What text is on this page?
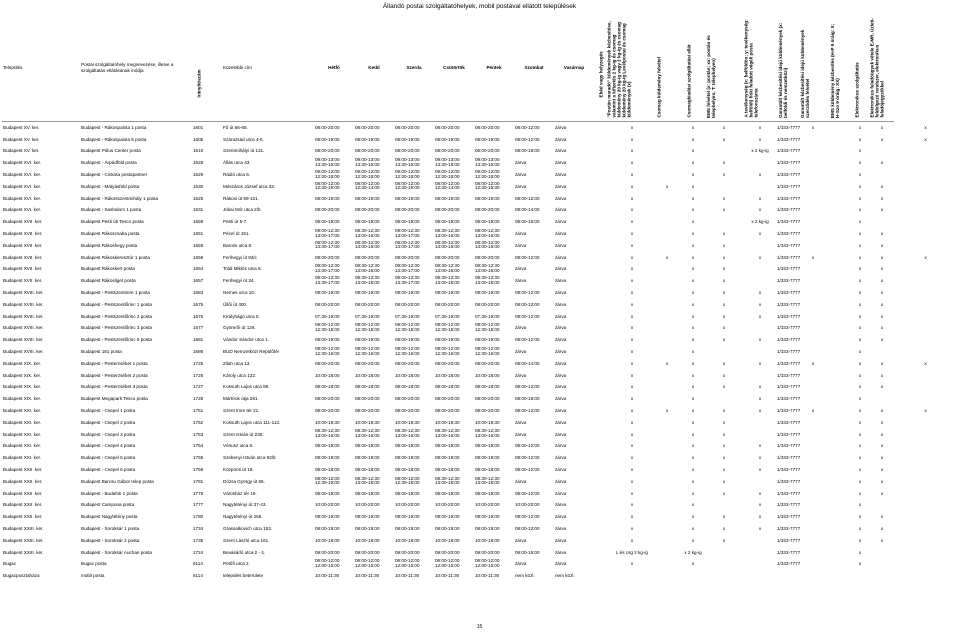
Állandó postai szolgáltatóhelyek, mobil postával ellátott települések
Település	Postai szolgáltatóhely megnevezése, illetve a szolgáltatás ellátásának módja	Irányítószám	Közelebbi cím	Hétfő	Kedd	Szerda	Csütörtök	Péntek	Szombat	Vasárnap	Ebéd vagy helyzegés	"Postán maradó" küldemények kézbesítése, valamint a kifizetés 2 kg-ig és csomag küldemény 20 kg-ig vagy 2 kg-ig és csomag küldemény 20 kg-ig Levélpostai és csomag küldemények (x)	Csomag küldemény felvétel	Csomagkiadási szolgáltatási ellát	EMS felvétel (x: pontán; xx: postán és telephelyen, T: telephelyen)	A tevékenység (x: belföldön; y: tevékenység: belföldi) fióki feladott végéli posta telefonszáma	Garantált kézbesítési idejű küldemények (x: belföldi és nemzetközi)	Garantált kézbesítési idejű küldemények szerződés felvétel	EMS küldemény kézbesítés (H-P 9 óráig: X; H-Szo 9 óráig: XX)	Elektronikus szolgáltatás	Elektronikus feladóügyek vétele E-MR, Üzleti- feldolgozó rendszer, elektronikus feladójegyzékkel	

Budapest XV. ker.	Budapest - Rákospalota 1 posta	1601	Fő út 66-68.	08:00-20:00	08:00-20:00	08:00-20:00	08:00-20:00	08:00-20:00	08:00-12:00	zárva		x		x	x	x	1/333-7777	x		x	x	x
Budapest XV. ker.	Budapest - Rákospalota 5 posta	1605	Szárazsád utca 4-6.	08:00-19:00	08:00-19:00	08:00-19:00	08:00-19:00	08:00-19:00	08:00-12:00	zárva		x		x	x	x	1/333-7777			x	x	x
Budapest XV. ker.	Budapest Pólus Center posta	1610	Szentmihályi út 131.	08:00-20:00	08:00-20:00	08:00-20:00	08:00-20:00	06:00-20:00	08:00-18:00	zárva		x		x		x 2 kg-ig	1/333-7777			x		
Budapest XVI. ker.	Budapest - Árpádföld posta	1628	Állás utca 43.	09:00-13:00
13:30-16:00	09:00-13:00
13:30-16:00	09:00-13:00
13:30-16:00	09:00-13:00
13:30-18:00	09:00-13:00
13:30-16:00	zárva	zárva		x		x	x		1/333-7777			x	x	
Budapest XVI. ker.	Budapest - Cinkota postapartner	1629	Rádió utca 6.	09:00-12:00
12:30-18:00	09:00-12:00
12:30-18:00	09:00-12:00
12:30-18:00	09:00-12:00
12:30-18:00	09:00-12:00
12:30-18:00	zárva	zárva		x		x	x	x	1/333-7777			x		
Budapest XVI. ker.	Budapest - Mátyásföld posta	1630	Mészáros József utca 33.	08:00-12:00
12:30-19:00	08:00-12:00
12:30-14:00	08:00-12:00
12:30-19:00	08:00-12:00
12:30-14:00	08:00-12:00
12:30-15:30	zárva	zárva		x	x	x			1/333-7777			x	x	
Budapest XVI. ker.	Budapest - Rákosszentmihály 1 posta	1625	Rákosi út 99-101.	08:00-19:00	08:00-19:00	08:00-19:00	08:00-19:00	08:00-19:00	08:00-12:00	zárva		x		x	x	x	1/333-7777			x	x	
Budapest XVI. ker.	Budapest - Sashalom 1 posta	1631	Jókai Mór utca 2/b	08:00-20:00	08:00-20:00	08:00-20:00	08:00-20:00	08:00-20:00	08:00-14:00	zárva		x		x	x	x	1/333-7777			x	x	
Budapest XVII. ker.	Budapest Pesti úti Tesco posta	1658	Pesti út 5-7.	08:00-19:00	08:00-19:00	08:00-19:00	08:00-19:00	08:00-19:00	08:00-16:00	zárva		x		x		x 2 kg-ig	1/333-7777			x		
Budapest XVII. ker.	Budapest Rákoscsaba posta	1651	Pécel út 151.	09:00-12:30
13:00-17:00	08:30-12:30
13:00-16:00	09:00-12:30
13:00-17:00	08:30-12:30
13:00-16:00	08:00-12:30
13:00-16:00	zárva	zárva		x		x	x	x	1/333-7777			x	x	
Budapest XVII. ker.	Budapest Rákoshegy posta	1655	Baross utca 8.	09:00-12:30
13:30-17:00	08:30-12:30
13:00-16:00	09:00-12:30
13:00-17:00	08:30-12:30
13:00-16:00	08:30-12:30
13:00-16:00	zárva	zárva		x		x	x		1/333-7777			x	x	
Budapest XVII. ker.	Budapest Rákoskeresztúr 1 posta	1656	Ferihegyi út 93/c	08:00-20:00	08:00-20:00	08:00-20:00	08:00-20:00	08:00-20:00	08:00-12:00	zárva		x	x	x	x	x	1/333-7777	x		x	x	x
Budapest XVII. ker.	Budapest Rákoskert posta	1654	Toldi Miklós utca 8.	09:00-12:30
13:30-17:00	08:30-12:30
13:00-16:00	09:00-12:30
13:30-17:00	08:30-12:30
13:00-16:00	08:30-12:30
13:00-16:00	zárva	zárva		x		x	x		1/333-7777			x	x	
Budapest XVII. ker.	Budapest Rákosliget posta	1657	Ferihegyi út 34.	09:00-12:30
13:30-17:00	08:30-12:30
13:00-16:00	09:00-12:30
13:30-17:00	08:30-12:30
13:00-16:00	08:30-12:30
13:00-16:00	zárva	zárva		x		x	x		1/333-7777			x	x	
Budapest XVIII. ker.	Budapest - Pestszentimre 1 posta	1683	Nemes utca 10.	08:00-19:00	08:00-19:00	08:00-19:00	08:00-19:00	08:00-19:00	08:00-12:00	zárva		x		x	x	x	1/333-7777			x	x	
Budapest XVIII. ker.	Budapest - Pestszentlőrinc 1 posta	1675	Üllői út 400.	08:00-20:00	08:00-20:00	08:00-20:00	08:00-20:00	08:00-20:00	08:00-12:00	zárva		x		x	x	x	1/333-7777			x	x	
Budapest XVIII. ker.	Budapest - Pestszentlőrinc 2 posta	1676	Királyhágó utca 5.	07:30-19:00	07:30-19:00	07:30-19:00	07:30-19:00	07:30-19:00	08:00-12:00	zárva		x		x	x	x	1/333-7777			x	x	
Budapest XVIII. ker.	Budapest - Pestszentlőrinc 3 posta	1677	Gyömrői út 126.	09:00-12:00
12:30-15:00	08:00-12:00
12:30-15:00	09:00-12:00
12:30-15:00	08:00-12:00
12:30-15:00	08:00-12:00
12:30-15:00	zárva	zárva		x		x	x		1/333-7777			x	x	
Budapest XVIII. ker.	Budapest - Pestszentlőrinc 5 posta	1681	Vándor Sándor utca 1.	08:00-19:00	08:00-19:00	08:00-19:00	08:00-19:00	08:00-19:00	08:00-12:00	zárva		x		x	x	x	1/333-7777			x	x	
Budapest XVIII. ker.	Budapest 181 posta	1686	BUD Nemzetközi Repülőtér	08:00-12:00
12:30-16:00	08:00-12:00
12:30-16:00	08:00-12:00
12:30-16:00	08:00-12:00
12:30-16:00	08:00-12:00
12:30-16:00	zárva	zárva		x		x			1/333-7777			x		
Budapest XIX. ker.	Budapest - Pesterzsébet 1 posta	1725	Zilah utca 13.	08:00-20:00	08:00-20:00	08:00-20:00	08:00-20:00	08:00-20:00	08:00-14:00	zárva		x	x	x	x	x	1/333-7777	x		x	x	x
Budapest XIX. ker.	Budapest - Pesterzsébet 2 posta	1726	Károly utca 132.	10:00-18:00	10:00-18:00	10:00-18:00	10:00-18:00	10:00-18:00	zárva	zárva		x		x	x		1/333-7777			x	x	
Budapest XIX. ker.	Budapest - Pesterzsébet 3 posta	1727	Kossuth Lajos utca 89.	08:00-18:00	08:00-18:00	08:00-18:00	08:00-18:00	08:00-18:00	08:00-12:00	zárva		x		x	x	x	1/333-7777			x	x	
Budapest XIX. ker.	Budapest Megapark Tesco posta	1728	Mártírok útja 281.	08:00-20:00	08:00-20:00	08:00-20:00	08:00-20:00	08:00-20:00	08:00-18:00	zárva		x		x		x	1/333-7777			x		
Budapest XXI. ker.	Budapest - Csepel 1 posta	1751	Szent Imre tér 21.	08:00-20:00	08:00-20:00	08:00-20:00	08:00-20:00	08:00-20:00	08:00-12:00	zárva		x	x	x	x	x	1/333-7777	x		x	x	x
Budapest XXI. ker.	Budapest - Csepel 2 posta	1752	Kossuth Lajos utca 111-113.	10:00-19:30	10:00-19:30	10:00-19:30	10:00-19:30	10:00-19:30	zárva	zárva		x		x	x		1/333-7777			x	x	
Budapest XXI. ker.	Budapest - Csepel 3 posta	1753	Szent István út 230.	08:30-12:30
13:00-16:00	08:30-12:30
13:00-16:00	08:30-12:30
13:00-16:00	08:30-12:30
13:00-16:00	08:30-12:30
13:00-16:00	zárva	zárva		x		x	x		1/333-7777			x	x	
Budapest XXI. ker.	Budapest - Csepel 4 posta	1754	Vénusz utca 6.	08:00-19:00	08:00-19:00	08:00-19:00	08:00-19:00	08:00-19:00	08:00-12:00	zárva		x		x	x	x	1/333-7777			x	x	
Budapest XXI. ker.	Budapest - Csepel 5 posta	1755	Szebenyi István utca 92/b	08:00-19:00	08:00-19:00	08:00-19:00	08:00-19:00	08:00-19:00	08:00-12:00	zárva		x		x	x	x	1/333-7777			x	x	
Budapest XXII. ker.	Budapest - Csepel 6 posta	1756	Központi út 18.	08:00-18:00	08:00-18:00	08:00-18:00	08:00-18:00	08:00-18:00	08:00-12:00	zárva		x		x	x	x	1/333-7777			x	x	
Budapest XXII. ker.	Budapest Barcsu Gábor telep posta	1781	Dózsa György út 55.	08:00-12:00
12:30-19:00	08:30-12:30
13:00-16:00	08:00-12:00
12:30-16:00	08:30-12:30
13:00-16:00	08:30-12:30
13:00-16:00	zárva	zárva		x		x	x		1/333-7777			x	x	
Budapest XXII. ker.	Budapest - Budafok 1 posta	1775	Városház tér 19.	08:00-19:00	08:00-19:00	08:00-19:00	08:00-19:00	08:00-19:00	08:00-12:00	zárva		x		x	x	x	1/333-7777			x	x	
Budapest XXII. ker.	Budapest Campona posta	1777	Nagytétényi út 37-43.	10:00-20:00	10:00-20:00	10:00-20:00	10:00-20:00	10:00-20:00	10:00-20:00	zárva		x		x		x	1/333-7777			x		
Budapest XXII. ker.	Budapest Nagytétény posta	1780	Nagytétényi út 266.	08:00-19:00	08:00-19:00	08:00-19:00	08:00-19:00	08:00-19:00	08:00-12:00	zárva		x		x	x	x	1/333-7777			x	x	
Budapest XXIII. ker.	Budapest - Soroksár 1 posta	1734	Grassalkovich utca 153.	08:00-19:00	08:00-19:00	08:00-19:00	08:00-19:00	08:00-19:00	08:00-12:00	zárva		x		x	x	x	1/333-7777			x	x	
Budapest XXIII. ker.	Budapest - Soroksár 2 posta	1735	Szent László utca 161.	10:00-18:00	10:00-18:00	10:00-18:00	10:00-18:00	10:00-18:00	zárva	zárva		x		x	x		1/333-7777			x	x	
Budapest XXIII. ker.	Budapest - Soroksár Auchan posta	1724	Bevásárló utca 2 - 4.	09:00-20:00	09:00-20:00	09:00-20:00	09:00-20:00	09:00-20:00	09:00-16:00	zárva		L és csg 2 kg-ig		x 2 kg-ig			1/333-7777			x		
Bugac	Bugac posta	6114	Petőfi utca 2.	08:00-12:00
12:30-16:00	08:00-12:00
12:30-16:00	08:00-12:00
12:30-16:00	08:00-12:00
12:30-16:00	08:00-12:00
12:30-16:00	zárva	zárva		x		x			1/333-7777			x		
Bugacpusztaháza	mobil posta	6114	település beterülete	10:00-11:30	10:00-11:30	10:00-11:30	10:00-11:30	10:00-11:30	nem közl.	nem közl.												
15
